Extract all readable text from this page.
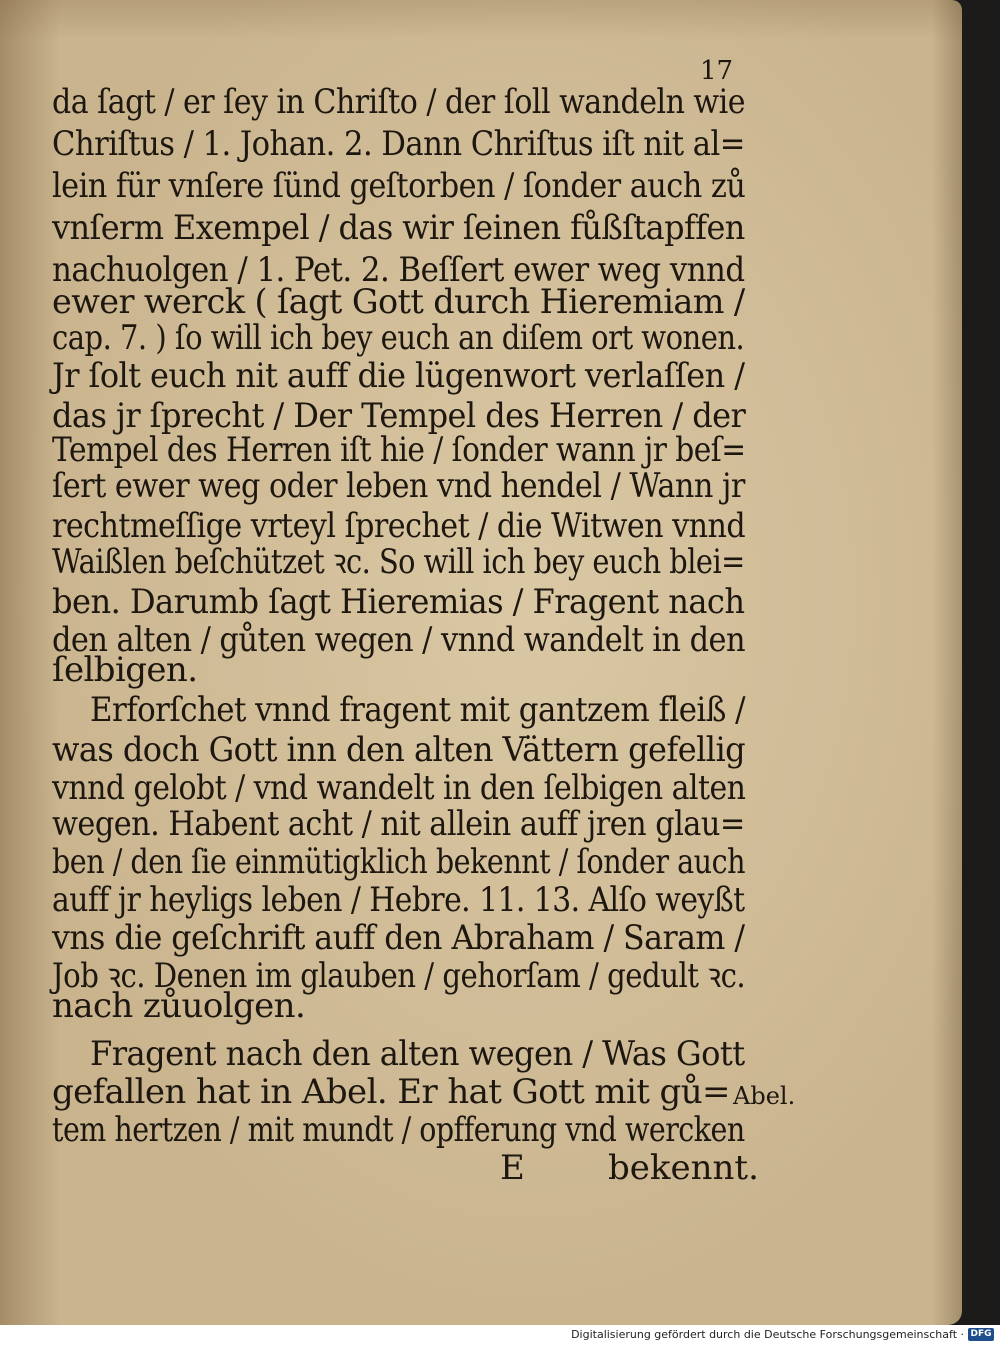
17
da ſagt / er ſey in Chriſto / der ſoll wandeln wie
Chriſtus / 1. Johan. 2. Dann Chriſtus iſt nit al=
lein für vnſere ſünd geſtorben / ſonder auch zů
vnſerm Exempel / das wir ſeinen fůßſtapffen
nachuolgen / 1. Pet. 2. Beſſert ewer weg vnnd
ewer werck ( ſagt Gott durch Hieremiam /
cap. 7. ) ſo will ich bey euch an diſem ort wonen.
Jr ſolt euch nit auff die lügenwort verlaſſen /
das jr ſprecht / Der Tempel des Herren / der
Tempel des Herren iſt hie / ſonder wann jr beſ=
ſert ewer weg oder leben vnd hendel / Wann jr
rechtmeſſige vrteyl ſprechet / die Witwen vnnd
Waißlen beſchützet ꝛc. So will ich bey euch blei=
ben. Darumb ſagt Hieremias / Fragent nach
den alten / gůten wegen / vnnd wandelt in den
ſelbigen.
Erforſchet vnnd fragent mit gantzem fleiß /
was doch Gott inn den alten Vättern gefellig
vnnd gelobt / vnd wandelt in den ſelbigen alten
wegen. Habent acht / nit allein auff jren glau=
ben / den ſie einmütigklich bekennt / ſonder auch
auff jr heyligs leben / Hebre. 11. 13. Alſo weyßt
vns die geſchrift auff den Abraham / Saram /
Job ꝛc. Denen im glauben / gehorſam / gedult ꝛc.
nach zůuolgen.
Fragent nach den alten wegen / Was Gott
gefallen hat in Abel. Er hat Gott mit gů=
tem hertzen / mit mundt / opfferung vnd wercken
Abel.
E bekennt.
Digitalisierung gefördert durch die Deutsche Forschungsgemeinschaft · DFG
